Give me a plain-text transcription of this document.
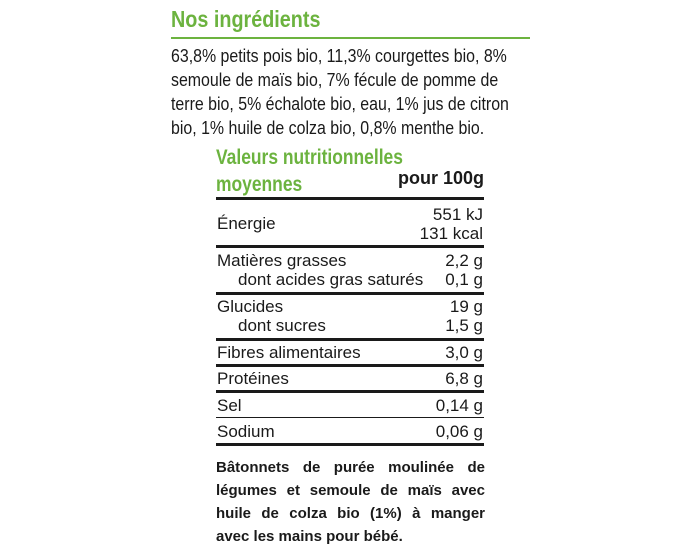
Nos ingrédients
63,8% petits pois bio, 11,3% courgettes bio, 8%
semoule de maïs bio, 7% fécule de pomme de
terre bio, 5% échalote bio, eau, 1% jus de citron
bio, 1% huile de colza bio, 0,8% menthe bio.
Valeurs nutritionnelles
moyennes	pour 100g
Énergie	551 kJ
131 kcal
Matières grasses	2,2 g
dont acides gras saturés 0,1 g
Glucides	19 g
dont sucres	1,5 g
Fibres alimentaires	3,0 g
Protéines	6,8 g
Sel	0,14 g
Sodium	0,06 g
Bâtonnets de purée moulinée de
légumes et semoule de maïs avec
huile de colza bio (1%) à manger
avec les mains pour bébé.
